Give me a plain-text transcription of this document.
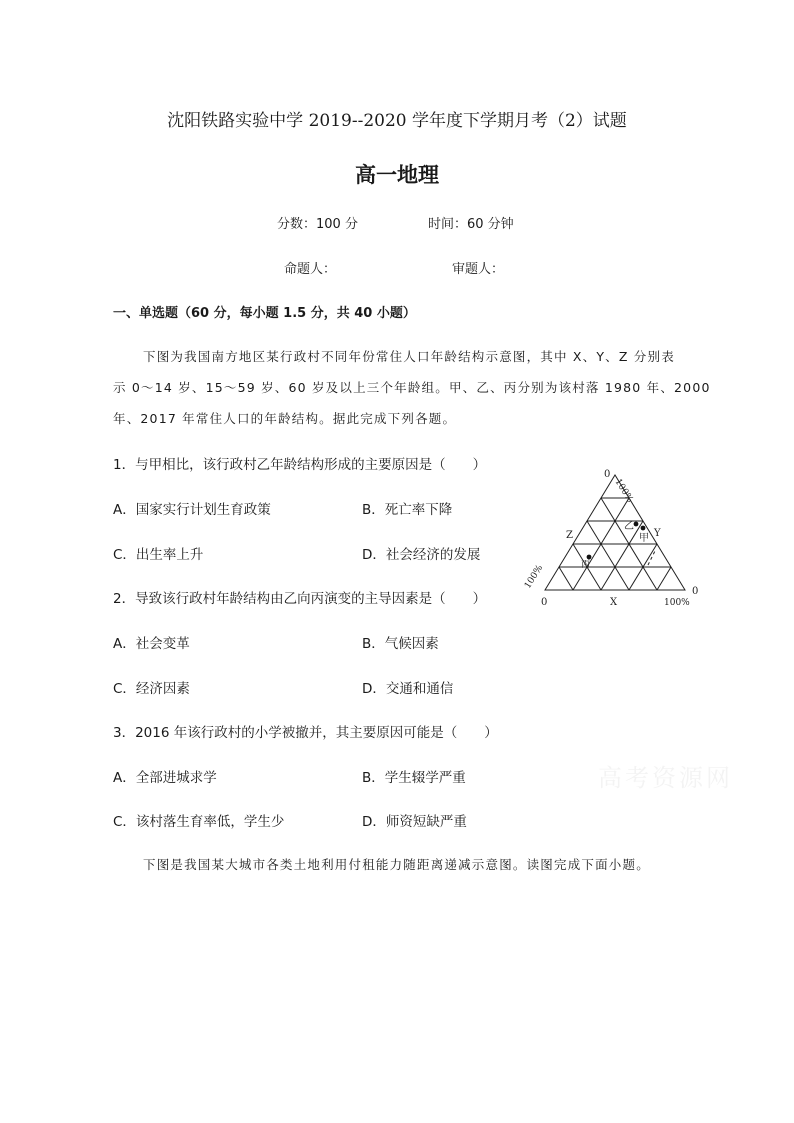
沈阳铁路实验中学 2019--2020 学年度下学期月考（2）试题
高一地理
分数：100 分	时间：60 分钟
命题人：	审题人：
一、单选题（60 分，每小题 1.5 分，共 40 小题）
下图为我国南方地区某行政村不同年份常住人口年龄结构示意图，其中 X、Y、Z 分别表
示 0～14 岁、15～59 岁、60 岁及以上三个年龄组。甲、乙、丙分别为该村落 1980 年、2000
年、2017 年常住人口的年龄结构。据此完成下列各题。
1．与甲相比，该行政村乙年龄结构形成的主要原因是（　　）
A．国家实行计划生育政策	B．死亡率下降
C．出生率上升	D．社会经济的发展
2．导致该行政村年龄结构由乙向丙演变的主导因素是（　　）
A．社会变革	B．气候因素
C．经济因素	D．交通和通信
3．2016 年该行政村的小学被撤并，其主要原因可能是（　　）
A．全部进城求学	B．学生辍学严重
C．该村落生育率低，学生少	D．师资短缺严重
下图是我国某大城市各类土地利用付租能力随距离递减示意图。读图完成下面小题。
高考资源网
0
100%
Z	Y
X
0
100%
0
100%
乙
甲
丙
